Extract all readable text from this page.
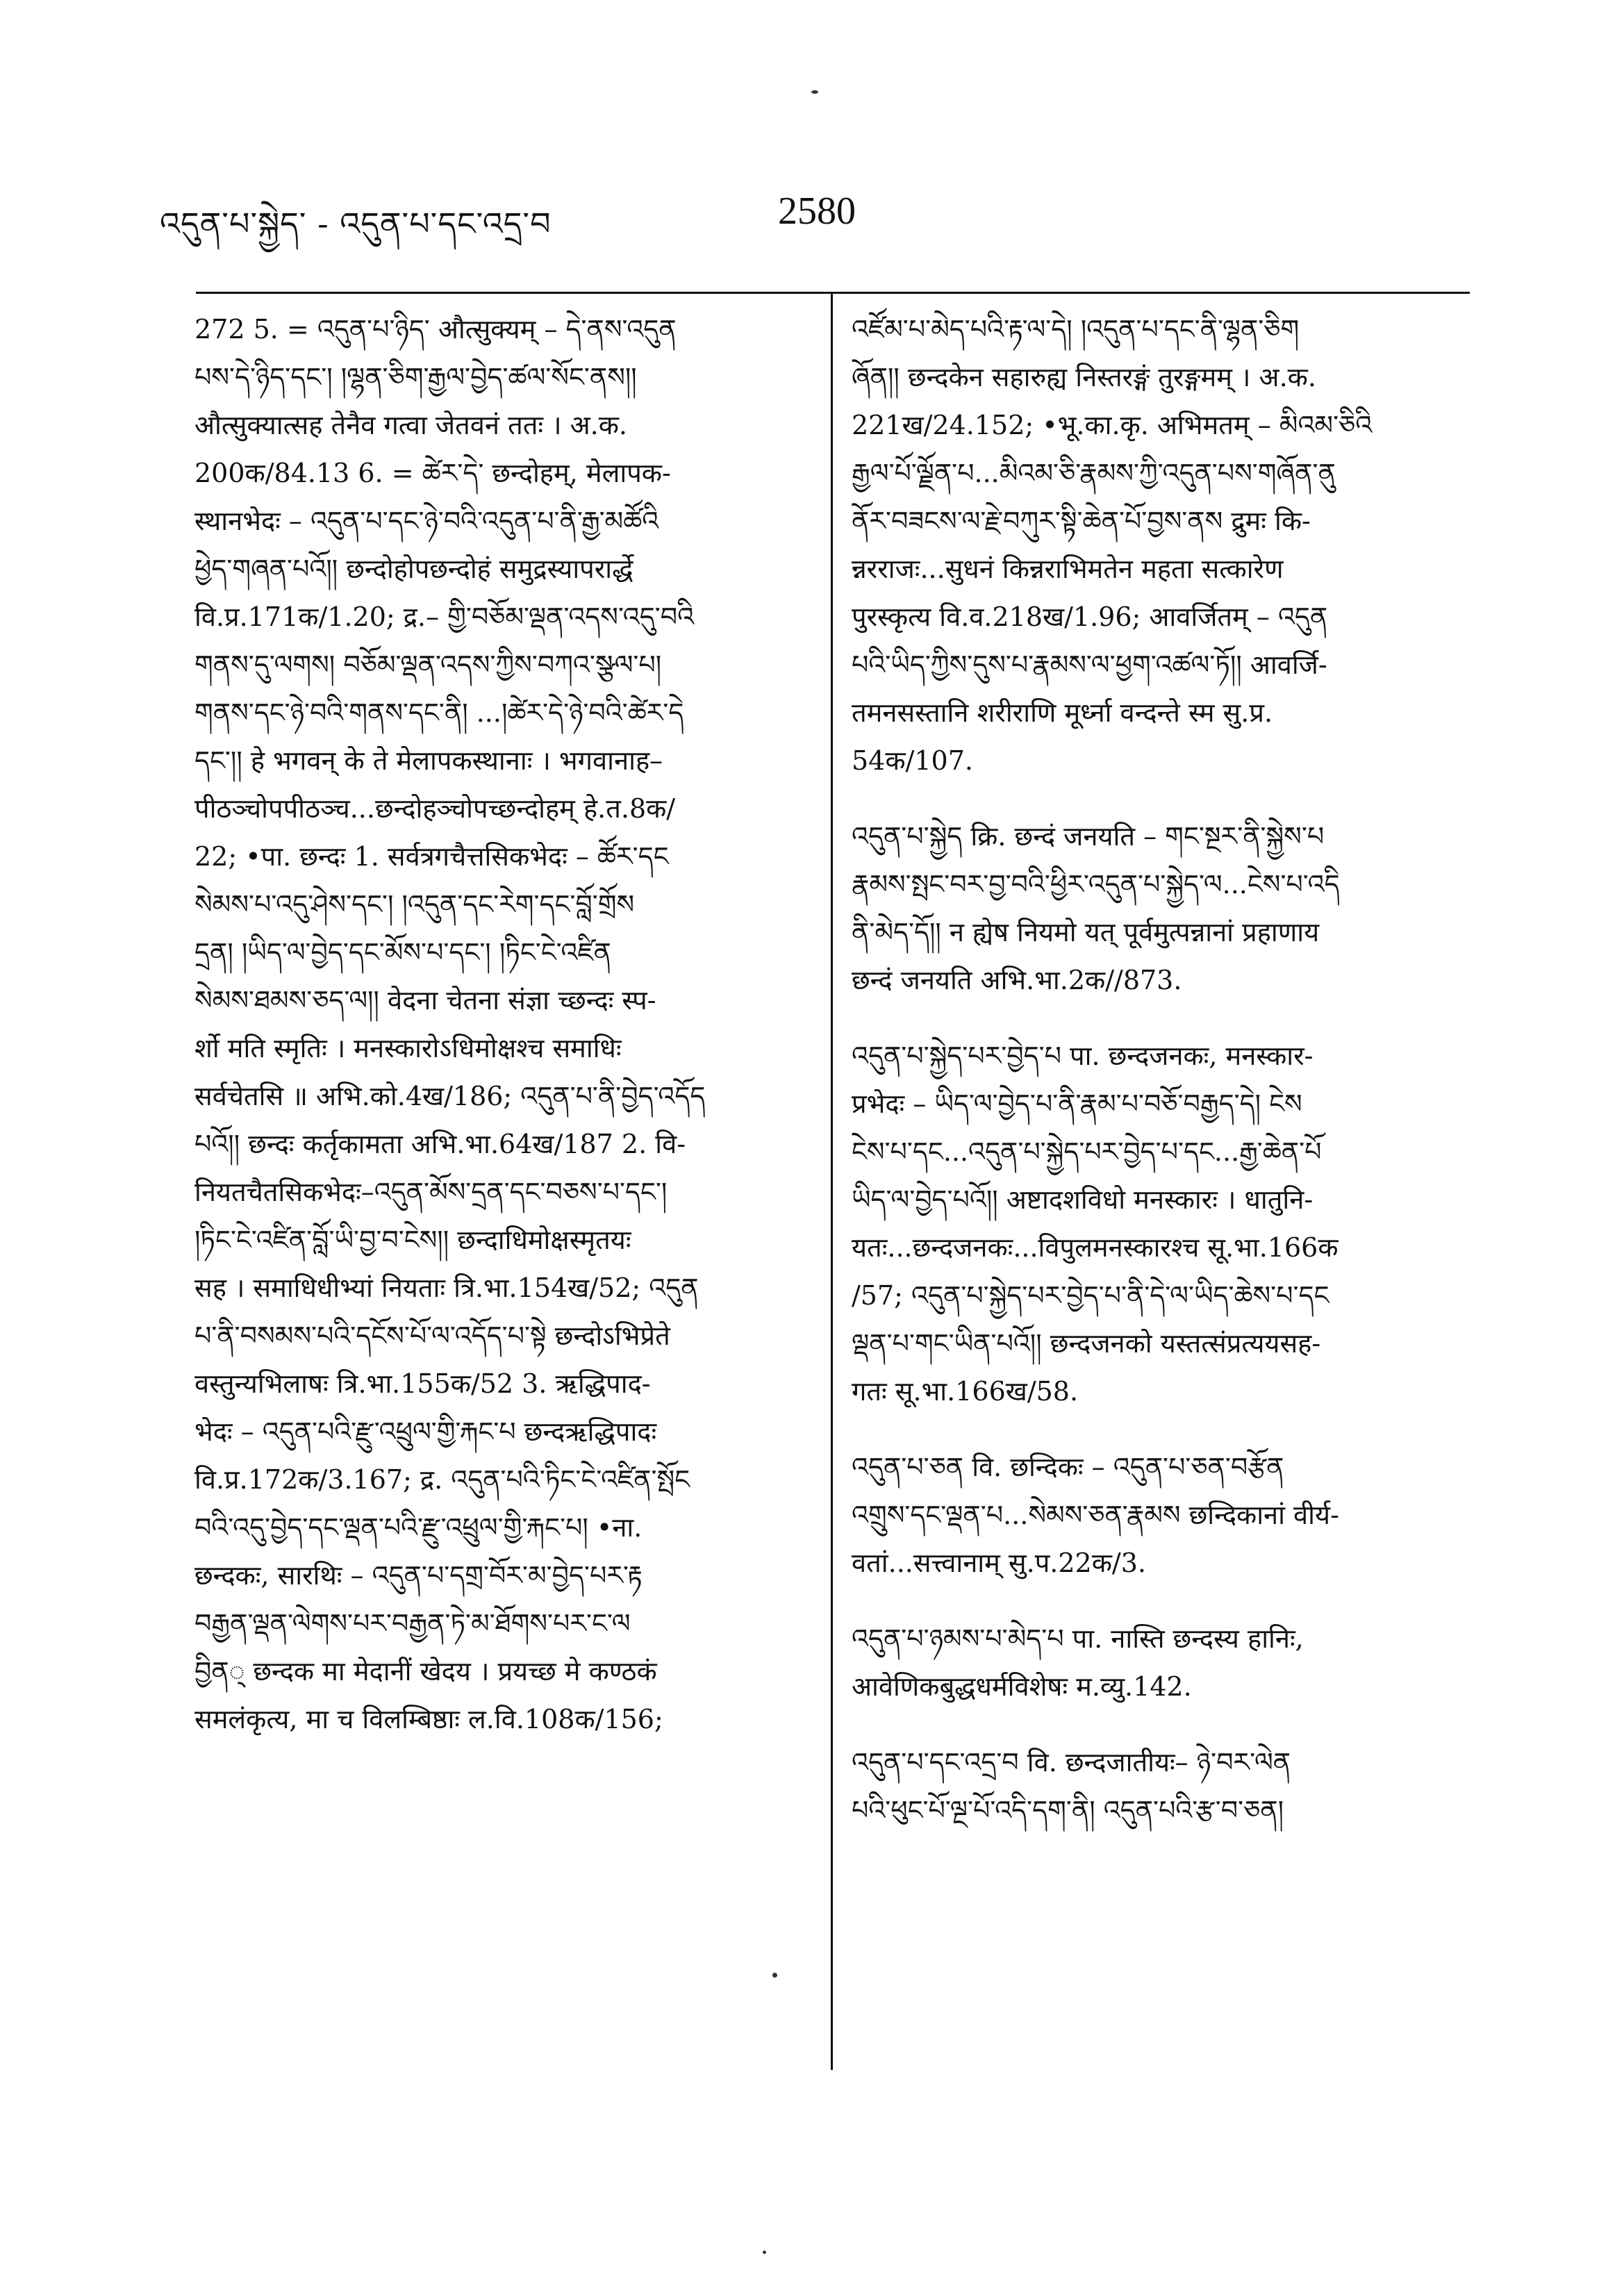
འདུན་པ་སྐྱེད་ - འདུན་པ་དང་འདྲ་བ	2580
272 5. = འདུན་པ་ཉིད་ औत्सुक्यम् – དེ་ནས་འདུན
པས་དེ་ཉིད་དང་། །ལྷན་ཅིག་རྒྱལ་བྱེད་ཚལ་སོང་ནས།།
औत्सुक्यात्सह तेनैव गत्वा जेतवनं ततः । अ.क.
200क/84.13 6. = ཚེར་དེ་ छन्दोहम्, मेलापक-
स्थानभेदः – འདུན་པ་དང་ཉེ་བའི་འདུན་པ་ནི་རྒྱ་མཚོའི
ཕྱེད་གཞན་པའོ།། छन्दोहोपछन्दोहं समुद्रस्यापरार्द्धे
वि.प्र.171क/1.20; द्र.– གྱི་བཅོམ་ལྡན་འདས་འདུ་བའི
གནས་དུ་ལགས། བཅོམ་ལྡན་འདས་ཀྱིས་བཀའ་སྩལ་པ།
གནས་དང་ཉེ་བའི་གནས་དང་ནི། ...།ཚེར་དེ་ཉེ་བའི་ཚེར་དེ
དང་།། हे भगवन् के ते मेलापकस्थानाः । भगवानाह–
पीठञ्चोपपीठञ्च...छन्दोहञ्चोपच्छन्दोहम् हे.त.8क/
22; •पा. छन्दः 1. सर्वत्रगचैत्तसिकभेदः – ཚོར་དང
སེམས་པ་འདུ་ཤེས་དང་། །འདུན་དང་རེག་དང་བློ་གྲོས
དྲན། །ཡིད་ལ་བྱེད་དང་མོས་པ་དང་། །ཏིང་ངེ་འཛིན
སེམས་ཐམས་ཅད་ལ།། वेदना चेतना संज्ञा च्छन्दः स्प-
र्शो मति स्मृतिः । मनस्कारोऽधिमोक्षश्च समाधिः
सर्वचेतसि ॥ अभि.को.4ख/186; འདུན་པ་ནི་བྱེད་འདོད
པའོ།། छन्दः कर्तृकामता अभि.भा.64ख/187 2. वि-
नियतचैतसिकभेदः–འདུན་མོས་དྲན་དང་བཅས་པ་དང་།
།ཏིང་ངེ་འཛིན་བློ་ཡི་བྱ་བ་ངེས།། छन्दाधिमोक्षस्मृतयः
सह । समाधिधीभ्यां नियताः त्रि.भा.154ख/52; འདུན
པ་ནི་བསམས་པའི་དངོས་པོ་ལ་འདོད་པ་སྟེ छन्दोऽभिप्रेते
वस्तुन्यभिलाषः त्रि.भा.155क/52 3. ऋद्धिपाद-
भेदः – འདུན་པའི་རྫུ་འཕྲུལ་གྱི་རྐང་པ छन्दऋद्धिपादः
वि.प्र.172क/3.167; द्र. འདུན་པའི་ཏིང་ངེ་འཛིན་སྤོང
བའི་འདུ་བྱེད་དང་ལྡན་པའི་རྫུ་འཕྲུལ་གྱི་རྐང་པ། •ना.
छन्दकः, सारथिः – འདུན་པ་དགྲ་བོར་མ་བྱེད་པར་རྟ
བརྒྱན་ལྡན་ལེགས་པར་བརྒྱན་ཏེ་མ་ཐོགས་པར་ང་ལ
བྱིན् छन्दक मा मेदानीं खेदय । प्रयच्छ मे कण्ठकं
समलंकृत्य, मा च विलम्बिष्ठाः ल.वि.108क/156;
འཛོམ་པ་མེད་པའི་རྟ་ལ་དེ། །འདུན་པ་དང་ནི་ལྷན་ཅིག
ཞོན།། छन्दकेन सहारुह्य निस्तरङ्गं तुरङ्गमम् । अ.क.
221ख/24.152; •भू.का.कृ. अभिमतम् – མིའམ་ཅིའི
རྒྱལ་པོ་ལྗོན་པ...མིའམ་ཅི་རྣམས་ཀྱི་འདུན་པས་གཞོན་ནུ
ནོར་བཟངས་ལ་རྗེ་བཀུར་སྟི་ཆེན་པོ་བྱས་ནས द्रुमः कि-
न्नरराजः...सुधनं किन्नराभिमतेन महता सत्कारेण
पुरस्कृत्य वि.व.218ख/1.96; आवर्जितम् – འདུན
པའི་ཡིད་ཀྱིས་དུས་པ་རྣམས་ལ་ཕྱག་འཚལ་ཏོ།། आवर्जि-
तमनसस्तानि शरीराणि मूर्ध्ना वन्दन्ते स्म सु.प्र.
54क/107.
འདུན་པ་སྐྱེད क्रि. छन्दं जनयति – གང་སྔར་ནི་སྐྱེས་པ
རྣམས་སྤང་བར་བྱ་བའི་ཕྱིར་འདུན་པ་སྐྱེད་ལ...ངེས་པ་འདི
ནི་མེད་དོ།། न ह्येष नियमो यत् पूर्वमुत्पन्नानां प्रहाणाय
छन्दं जनयति अभि.भा.2क//873.
འདུན་པ་སྐྱེད་པར་བྱེད་པ पा. छन्दजनकः, मनस्कार-
प्रभेदः – ཡིད་ལ་བྱེད་པ་ནི་རྣམ་པ་བཅོ་བརྒྱད་དེ། ངེས
ངེས་པ་དང...འདུན་པ་སྐྱེད་པར་བྱེད་པ་དང...རྒྱ་ཆེན་པོ
ཡིད་ལ་བྱེད་པའོ།། अष्टादशविधो मनस्कारः । धातुनि-
यतः...छन्दजनकः...विपुलमनस्कारश्च सू.भा.166क
/57; འདུན་པ་སྐྱེད་པར་བྱེད་པ་ནི་དེ་ལ་ཡིད་ཆེས་པ་དང
ལྡན་པ་གང་ཡིན་པའོ།། छन्दजनको यस्तत्संप्रत्ययसह-
गतः सू.भा.166ख/58.
འདུན་པ་ཅན वि. छन्दिकः – འདུན་པ་ཅན་བརྩོན
འགྲུས་དང་ལྡན་པ...སེམས་ཅན་རྣམས छन्दिकानां वीर्य-
वतां...सत्त्वानाम् सु.प.22क/3.
འདུན་པ་ཉམས་པ་མེད་པ पा. नास्ति छन्दस्य हानिः,
आवेणिकबुद्धधर्मविशेषः म.व्यु.142.
འདུན་པ་དང་འདྲ་བ वि. छन्दजातीयः– ཉེ་བར་ལེན
པའི་ཕུང་པོ་ལྔ་པོ་འདི་དག་ནི། འདུན་པའི་རྩ་བ་ཅན།
